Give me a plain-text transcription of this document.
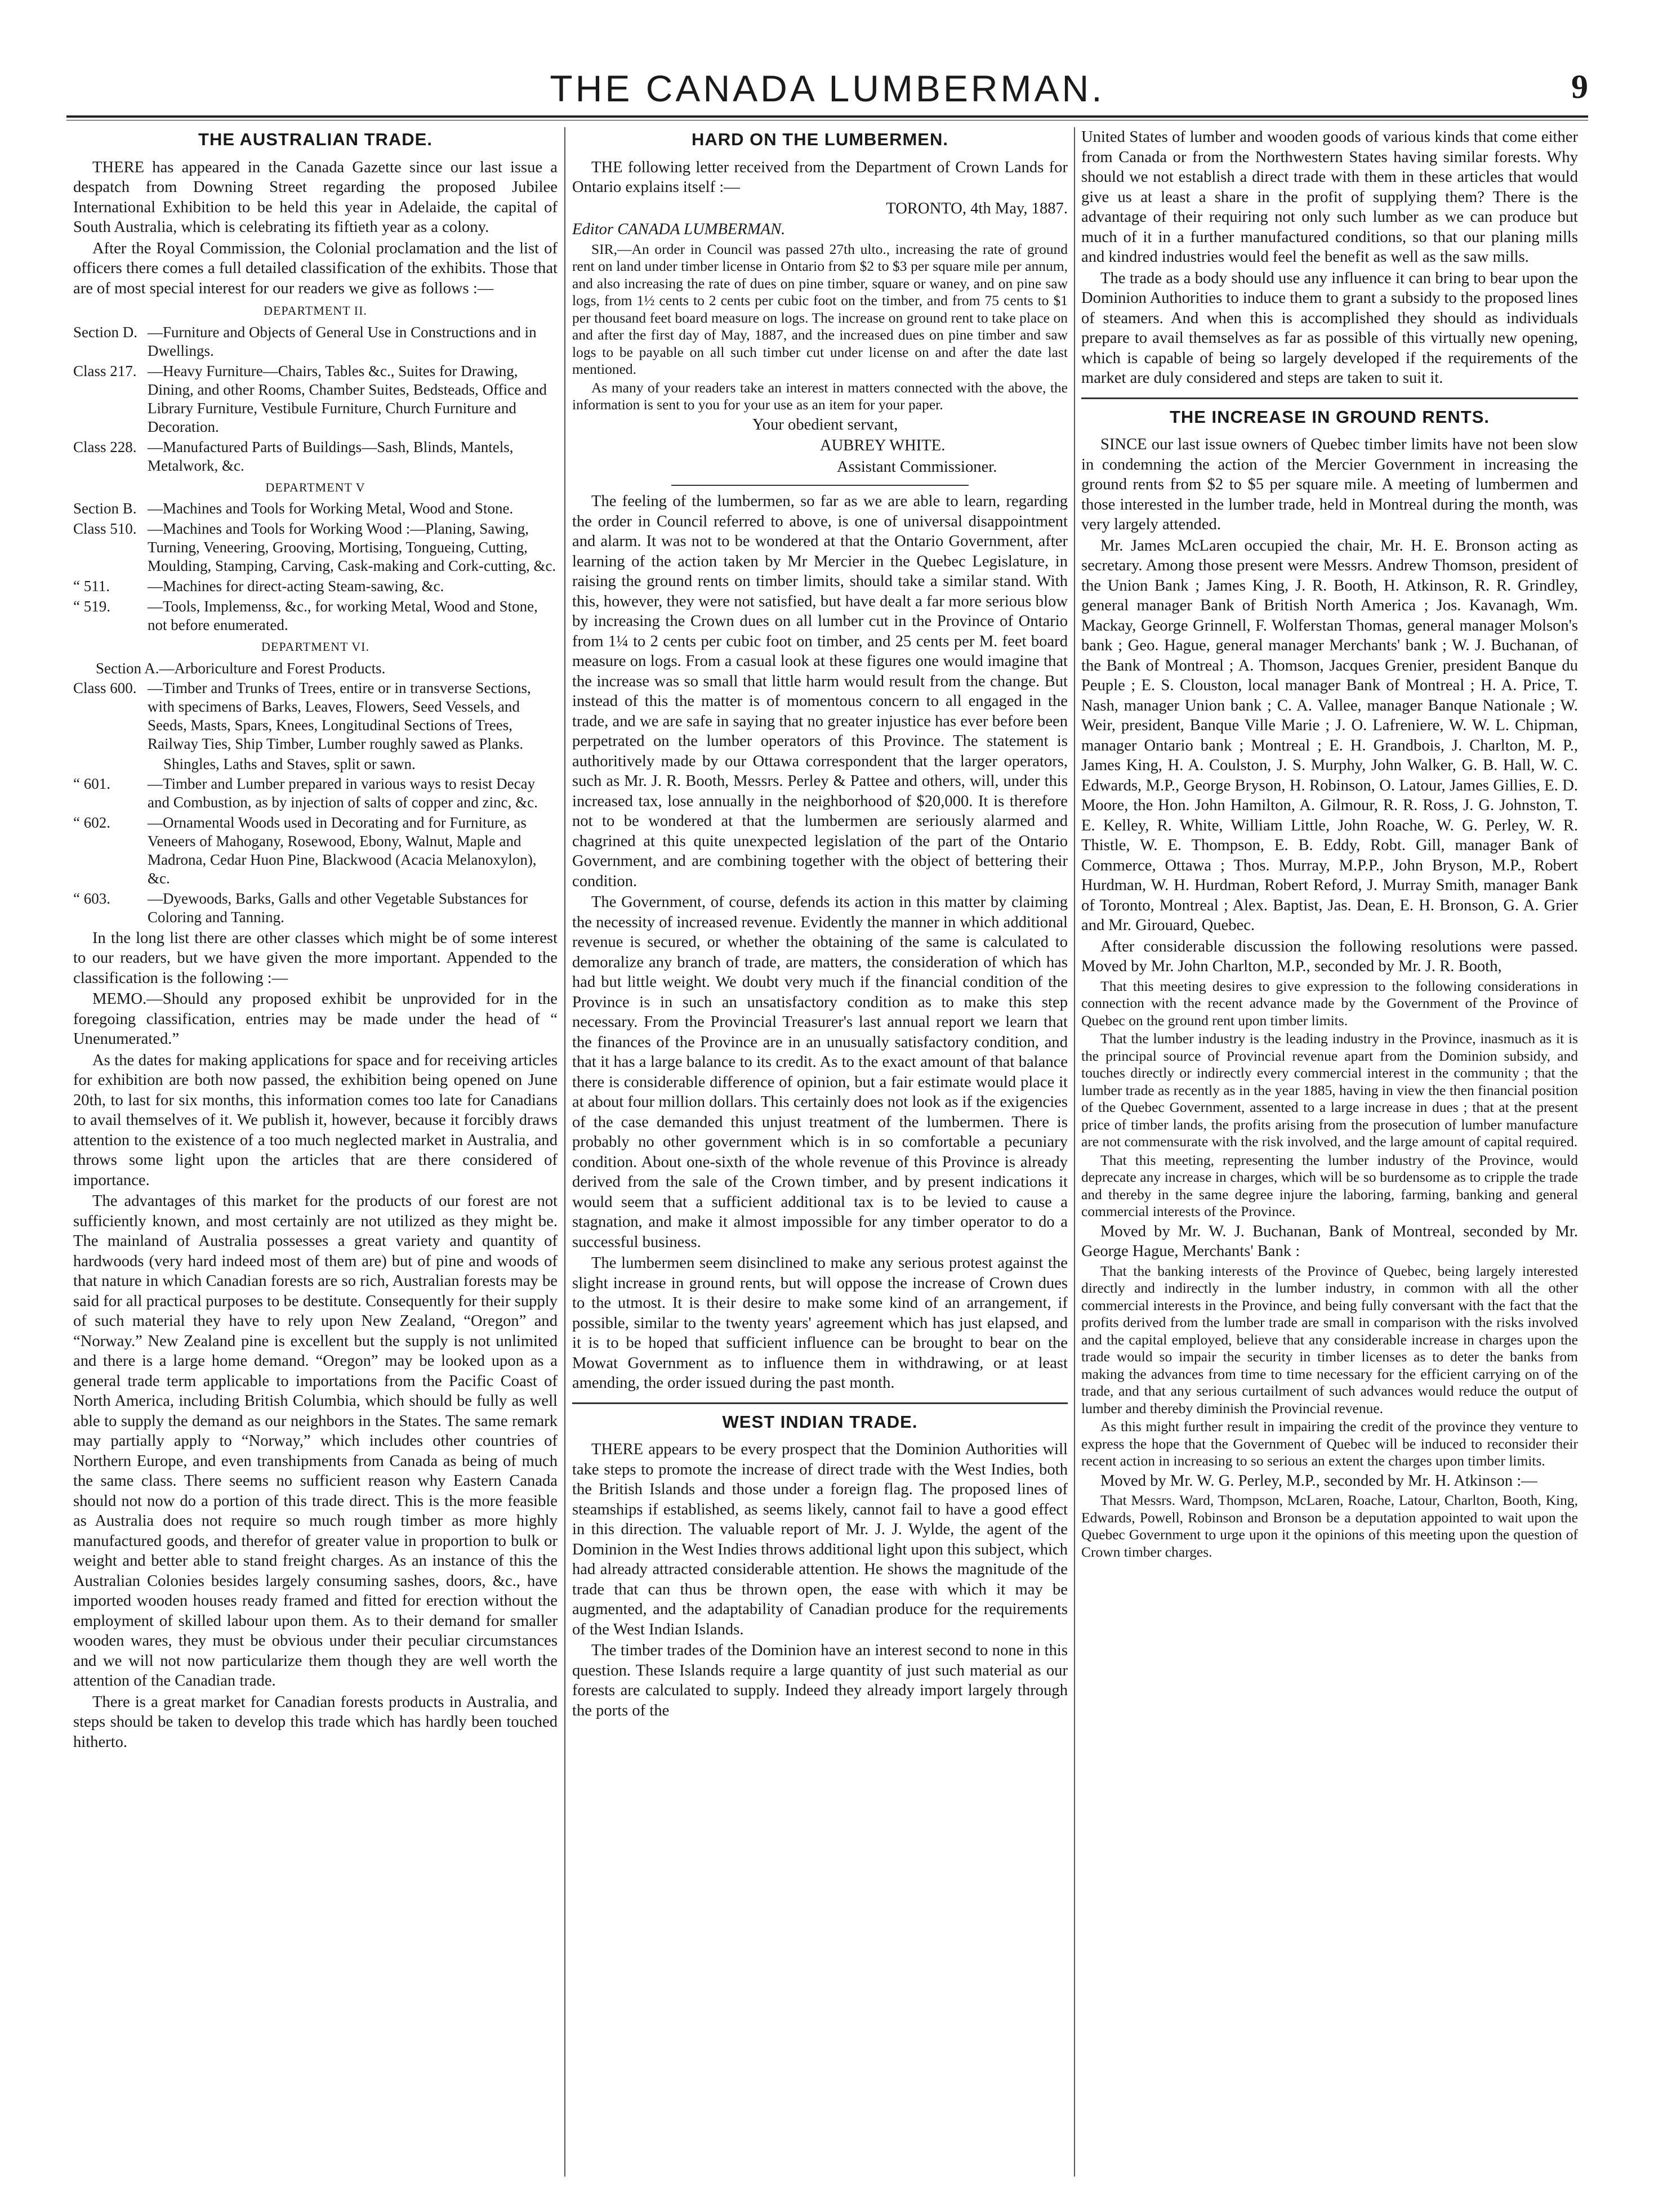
THE CANADA LUMBERMAN.	9
THE AUSTRALIAN TRADE.

THERE has appeared in the Canada Gazette since our last issue a despatch from Downing Street regarding the proposed Jubilee International Exhibition to be held this year in Adelaide, the capital of South Australia, which is celebrating its fiftieth year as a colony.

After the Royal Commission, the Colonial proclamation and the list of officers there comes a full detailed classification of the exhibits. Those that are of most special interest for our readers we give as follows :—

DEPARTMENT II.

Section D. —Furniture and Objects of General Use in Constructions and in Dwellings.
Class 217. —Heavy Furniture—Chairs, Tables &c., Suites for Drawing, Dining, and other Rooms, Chamber Suites, Bedsteads, Office and Library Furniture, Vestibule Furniture, Church Furniture and Decoration.
Class 228. —Manufactured Parts of Buildings—Sash, Blinds, Mantels, Metalwork, &c.

DEPARTMENT V

Section B. —Machines and Tools for Working Metal, Wood and Stone.
Class 510. —Machines and Tools for Working Wood :—Planing, Sawing, Turning, Veneering, Grooving, Mortising, Tongueing, Cutting, Moulding, Stamping, Carving, Cask-making and Cork-cutting, &c.
“ 511.	—Machines for direct-acting Steam-sawing, &c.
“ 519.	—Tools, Implemenss, &c., for working Metal, Wood and Stone, not before enumerated.

DEPARTMENT VI.

Section A.—Arboriculture and Forest Products.

Class 600. —Timber and Trunks of Trees, entire or in transverse Sections, with specimens of Barks, Leaves, Flowers, Seed Vessels, and Seeds, Masts, Spars, Knees, Longitudinal Sections of Trees, Railway Ties, Ship Timber, Lumber roughly sawed as Planks.

Shingles, Laths and Staves, split or sawn.

“ 601.	—Timber and Lumber prepared in various ways to resist Decay and Combustion, as by injection of salts of copper and zinc, &c.
“ 602.	—Ornamental Woods used in Decorating and for Furniture, as Veneers of Mahogany, Rosewood, Ebony, Walnut, Maple and Madrona, Cedar Huon Pine, Blackwood (Acacia Melanoxylon), &c.
“ 603.	—Dyewoods, Barks, Galls and other Vegetable Substances for Coloring and Tanning.

In the long list there are other classes which might be of some interest to our readers, but we have given the more important. Appended to the classification is the following :—

MEMO.—Should any proposed exhibit be unprovided for in the foregoing classification, entries may be made under the head of “ Unenumerated.”

As the dates for making applications for space and for receiving articles for exhibition are both now passed, the exhibition being opened on June 20th, to last for six months, this information comes too late for Canadians to avail themselves of it. We publish it, however, because it forcibly draws attention to the existence of a too much neglected market in Australia, and throws some light upon the articles that are there considered of importance.

The advantages of this market for the products of our forest are not sufficiently known, and most certainly are not utilized as they might be. The mainland of Australia possesses a great variety and quantity of hardwoods (very hard indeed most of them are) but of pine and woods of that nature in which Canadian forests are so rich, Australian forests may be said for all practical purposes to be destitute. Consequently for their supply of such material they have to rely upon New Zealand, “Oregon” and “Norway.” New Zealand pine is excellent but the supply is not unlimited and there is a large home demand. “Oregon” may be looked upon as a general trade term applicable to importations from the Pacific Coast of North America, including British Columbia, which should be fully as well able to supply the demand as our neighbors in the States. The same remark may partially apply to “Norway,” which includes other countries of Northern Europe, and even transhipments from Canada as being of much the same class. There seems no sufficient reason why Eastern Canada should not now do a portion of this trade direct. This is the more feasible as Australia does not require so much rough timber as more highly manufactured goods, and therefor of greater value in proportion to bulk or weight and better able to stand freight charges. As an instance of this the Australian Colonies besides largely consuming sashes, doors, &c., have imported wooden houses ready framed and fitted for erection without the employment of skilled labour upon them. As to their demand for smaller wooden wares, they must be obvious under their peculiar circumstances and we will not now particularize them though they are well worth the attention of the Canadian trade.

There is a great market for Canadian forests products in Australia, and steps should be taken to develop this trade which has hardly been touched hitherto.

HARD ON THE LUMBERMEN.

THE following letter received from the Department of Crown Lands for Ontario explains itself :—

TORONTO, 4th May, 1887.

Editor CANADA LUMBERMAN.

SIR,—An order in Council was passed 27th ulto., increasing the rate of ground rent on land under timber license in Ontario from $2 to $3 per square mile per annum, and also increasing the rate of dues on pine timber, square or waney, and on pine saw logs, from 1½ cents to 2 cents per cubic foot on the timber, and from 75 cents to $1 per thousand feet board measure on logs. The increase on ground rent to take place on and after the first day of May, 1887, and the increased dues on pine timber and saw logs to be payable on all such timber cut under license on and after the date last mentioned.

As many of your readers take an interest in matters connected with the above, the information is sent to you for your use as an item for your paper.

Your obedient servant,

AUBREY WHITE.

Assistant Commissioner.

The feeling of the lumbermen, so far as we are able to learn, regarding the order in Council referred to above, is one of universal disappointment and alarm. It was not to be wondered at that the Ontario Government, after learning of the action taken by Mr Mercier in the Quebec Legislature, in raising the ground rents on timber limits, should take a similar stand. With this, however, they were not satisfied, but have dealt a far more serious blow by increasing the Crown dues on all lumber cut in the Province of Ontario from 1¼ to 2 cents per cubic foot on timber, and 25 cents per M. feet board measure on logs. From a casual look at these figures one would imagine that the increase was so small that little harm would result from the change. But instead of this the matter is of momentous concern to all engaged in the trade, and we are safe in saying that no greater injustice has ever before been perpetrated on the lumber operators of this Province. The statement is authoritively made by our Ottawa correspondent that the larger operators, such as Mr. J. R. Booth, Messrs. Perley & Pattee and others, will, under this increased tax, lose annually in the neighborhood of $20,000. It is therefore not to be wondered at that the lumbermen are seriously alarmed and chagrined at this quite unexpected legislation of the part of the Ontario Government, and are combining together with the object of bettering their condition.

The Government, of course, defends its action in this matter by claiming the necessity of increased revenue. Evidently the manner in which additional revenue is secured, or whether the obtaining of the same is calculated to demoralize any branch of trade, are matters, the consideration of which has had but little weight. We doubt very much if the financial condition of the Province is in such an unsatisfactory condition as to make this step necessary. From the Provincial Treasurer's last annual report we learn that the finances of the Province are in an unusually satisfactory condition, and that it has a large balance to its credit. As to the exact amount of that balance there is considerable difference of opinion, but a fair estimate would place it at about four million dollars. This certainly does not look as if the exigencies of the case demanded this unjust treatment of the lumbermen. There is probably no other government which is in so comfortable a pecuniary condition. About one-sixth of the whole revenue of this Province is already derived from the sale of the Crown timber, and by present indications it would seem that a sufficient additional tax is to be levied to cause a stagnation, and make it almost impossible for any timber operator to do a successful business.

The lumbermen seem disinclined to make any serious protest against the slight increase in ground rents, but will oppose the increase of Crown dues to the utmost. It is their desire to make some kind of an arrangement, if possible, similar to the twenty years' agreement which has just elapsed, and it is to be hoped that sufficient influence can be brought to bear on the Mowat Government as to influence them in withdrawing, or at least amending, the order issued during the past month.

WEST INDIAN TRADE.

THERE appears to be every prospect that the Dominion Authorities will take steps to promote the increase of direct trade with the West Indies, both the British Islands and those under a foreign flag. The proposed lines of steamships if established, as seems likely, cannot fail to have a good effect in this direction. The valuable report of Mr. J. J. Wylde, the agent of the Dominion in the West Indies throws additional light upon this subject, which had already attracted considerable attention. He shows the magnitude of the trade that can thus be thrown open, the ease with which it may be augmented, and the adaptability of Canadian produce for the requirements of the West Indian Islands.

The timber trades of the Dominion have an interest second to none in this question. These Islands require a large quantity of just such material as our forests are calculated to supply. Indeed they already import largely through the ports of the

United States of lumber and wooden goods of various kinds that come either from Canada or from the Northwestern States having similar forests. Why should we not establish a direct trade with them in these articles that would give us at least a share in the profit of supplying them? There is the advantage of their requiring not only such lumber as we can produce but much of it in a further manufactured conditions, so that our planing mills and kindred industries would feel the benefit as well as the saw mills.

The trade as a body should use any influence it can bring to bear upon the Dominion Authorities to induce them to grant a subsidy to the proposed lines of steamers. And when this is accomplished they should as individuals prepare to avail themselves as far as possible of this virtually new opening, which is capable of being so largely developed if the requirements of the market are duly considered and steps are taken to suit it.

THE INCREASE IN GROUND RENTS.

SINCE our last issue owners of Quebec timber limits have not been slow in condemning the action of the Mercier Government in increasing the ground rents from $2 to $5 per square mile. A meeting of lumbermen and those interested in the lumber trade, held in Montreal during the month, was very largely attended.

Mr. James McLaren occupied the chair, Mr. H. E. Bronson acting as secretary. Among those present were Messrs. Andrew Thomson, president of the Union Bank ; James King, J. R. Booth, H. Atkinson, R. R. Grindley, general manager Bank of British North America ; Jos. Kavanagh, Wm. Mackay, George Grinnell, F. Wolferstan Thomas, general manager Molson's bank ; Geo. Hague, general manager Merchants' bank ; W. J. Buchanan, of the Bank of Montreal ; A. Thomson, Jacques Grenier, president Banque du Peuple ; E. S. Clouston, local manager Bank of Montreal ; H. A. Price, T. Nash, manager Union bank ; C. A. Vallee, manager Banque Nationale ; W. Weir, president, Banque Ville Marie ; J. O. Lafreniere, W. W. L. Chipman, manager Ontario bank ; Montreal ; E. H. Grandbois, J. Charlton, M. P., James King, H. A. Coulston, J. S. Murphy, John Walker, G. B. Hall, W. C. Edwards, M.P., George Bryson, H. Robinson, O. Latour, James Gillies, E. D. Moore, the Hon. John Hamilton, A. Gilmour, R. R. Ross, J. G. Johnston, T. E. Kelley, R. White, William Little, John Roache, W. G. Perley, W. R. Thistle, W. E. Thompson, E. B. Eddy, Robt. Gill, manager Bank of Commerce, Ottawa ; Thos. Murray, M.P.P., John Bryson, M.P., Robert Hurdman, W. H. Hurdman, Robert Reford, J. Murray Smith, manager Bank of Toronto, Montreal ; Alex. Baptist, Jas. Dean, E. H. Bronson, G. A. Grier and Mr. Girouard, Quebec.

After considerable discussion the following resolutions were passed. Moved by Mr. John Charlton, M.P., seconded by Mr. J. R. Booth,

That this meeting desires to give expression to the following considerations in connection with the recent advance made by the Government of the Province of Quebec on the ground rent upon timber limits.

That the lumber industry is the leading industry in the Province, inasmuch as it is the principal source of Provincial revenue apart from the Dominion subsidy, and touches directly or indirectly every commercial interest in the community ; that the lumber trade as recently as in the year 1885, having in view the then financial position of the Quebec Government, assented to a large increase in dues ; that at the present price of timber lands, the profits arising from the prosecution of lumber manufacture are not commensurate with the risk involved, and the large amount of capital required.

That this meeting, representing the lumber industry of the Province, would deprecate any increase in charges, which will be so burdensome as to cripple the trade and thereby in the same degree injure the laboring, farming, banking and general commercial interests of the Province.

Moved by Mr. W. J. Buchanan, Bank of Montreal, seconded by Mr. George Hague, Merchants' Bank :

That the banking interests of the Province of Quebec, being largely interested directly and indirectly in the lumber industry, in common with all the other commercial interests in the Province, and being fully conversant with the fact that the profits derived from the lumber trade are small in comparison with the risks involved and the capital employed, believe that any considerable increase in charges upon the trade would so impair the security in timber licenses as to deter the banks from making the advances from time to time necessary for the efficient carrying on of the trade, and that any serious curtailment of such advances would reduce the output of lumber and thereby diminish the Provincial revenue.

As this might further result in impairing the credit of the province they venture to express the hope that the Government of Quebec will be induced to reconsider their recent action in increasing to so serious an extent the charges upon timber limits.

Moved by Mr. W. G. Perley, M.P., seconded by Mr. H. Atkinson :—

That Messrs. Ward, Thompson, McLaren, Roache, Latour, Charlton, Booth, King, Edwards, Powell, Robinson and Bronson be a deputation appointed to wait upon the Quebec Government to urge upon it the opinions of this meeting upon the question of Crown timber charges.
